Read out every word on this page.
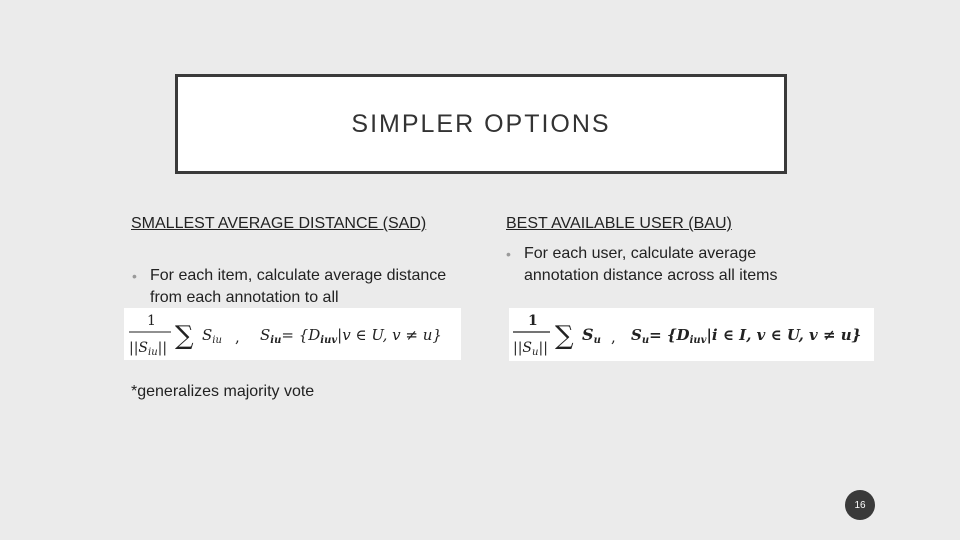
SIMPLER OPTIONS
SMALLEST AVERAGE DISTANCE (SAD)
• For each item, calculate average distance from each annotation to all
1
$||S_{iu}||$ ∑ $S_{iu}$ , $S_{iu}= \{D_{iuv}|v$ ∈ U, v ≠ u}
BEST AVAILABLE USER (BAU)
• For each user, calculate average annotation distance across all items
1
$||S_u||$ ∑ Su , $S_u= \{D_{iuv}|i$ ∈ I, v ∈ U, v ≠ u}
*generalizes majority vote
16
